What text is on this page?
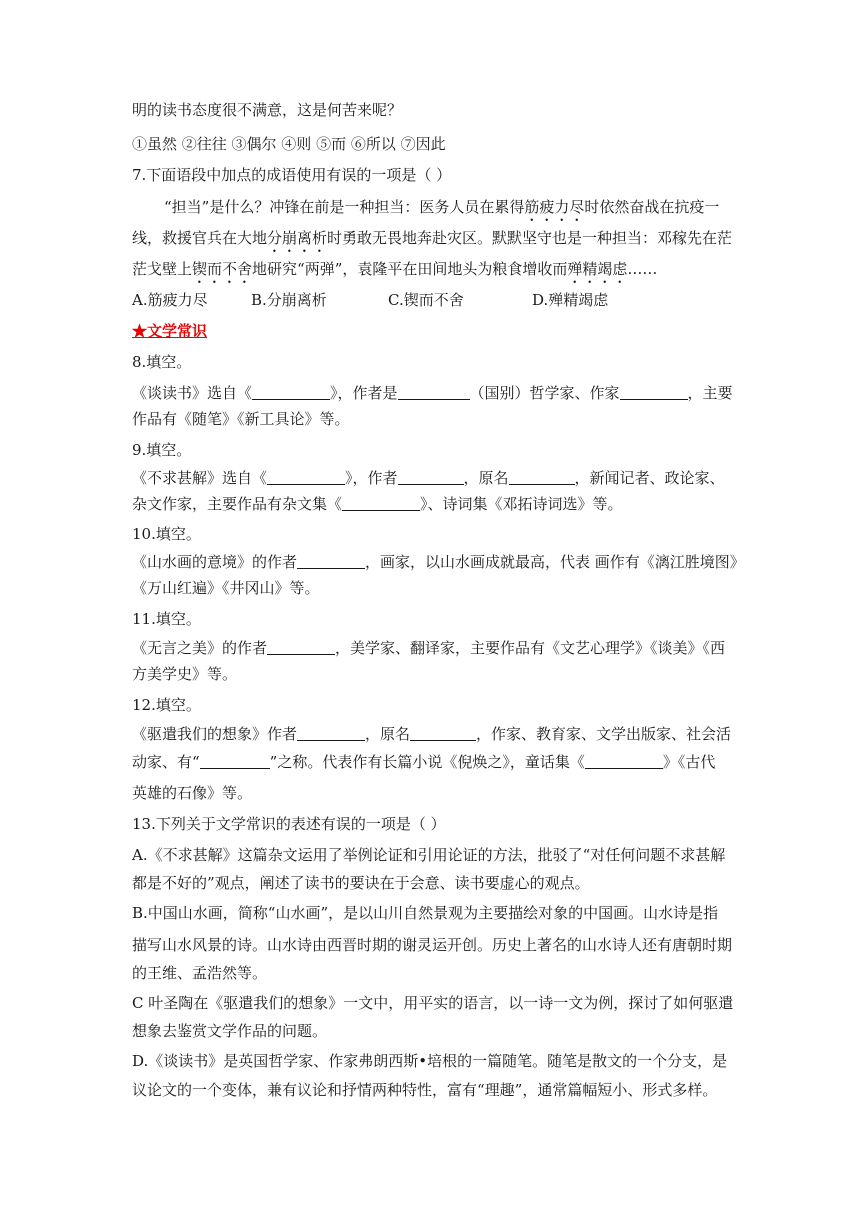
明的读书态度很不满意，这是何苦来呢？
①虽然 ②往往 ③偶尔 ④则 ⑤而 ⑥所以 ⑦因此
7.下面语段中加点的成语使用有误的一项是（ ）
“担当”是什么？冲锋在前是一种担当：医务人员在累得筋疲力尽时依然奋战在抗疫一
线，救援官兵在大地分崩离析时勇敢无畏地奔赴灾区。默默坚守也是一种担当：邓稼先在茫
茫戈壁上锲而不舍地研究“两弹”，袁隆平在田间地头为粮食增收而殚精竭虑……
A.筋疲力尽	B.分崩离析	C.锲而不舍	D.殚精竭虑
★文学常识
8.填空。
《谈读书》选自《	》，作者是	（国别）哲学家、作家	，主要
作品有《随笔》《新工具论》等。
9.填空。
《不求甚解》选自《	》，作者	，原名	，新闻记者、政论家、
杂文作家，主要作品有杂文集《	》、诗词集《邓拓诗词选》等。
10.填空。
《山水画的意境》的作者	，画家，以山水画成就最高，代表 画作有《漓江胜境图》
《万山红遍》《井冈山》等。
11.填空。
《无言之美》的作者	，美学家、翻译家，主要作品有《文艺心理学》《谈美》《西
方美学史》等。
12.填空。
《驱遣我们的想象》作者	，原名	，作家、教育家、文学出版家、社会活
动家、有“	”之称。代表作有长篇小说《倪焕之》，童话集《	》《古代
英雄的石像》等。
13.下列关于文学常识的表述有误的一项是（ ）
A.《不求甚解》这篇杂文运用了举例论证和引用论证的方法，批驳了“对任何问题不求甚解
都是不好的”观点，阐述了读书的要诀在于会意、读书要虚心的观点。
B.中国山水画，简称“山水画”，是以山川自然景观为主要描绘对象的中国画。山水诗是指
描写山水风景的诗。山水诗由西晋时期的谢灵运开创。历史上著名的山水诗人还有唐朝时期
的王维、孟浩然等。
C 叶圣陶在《驱遣我们的想象》一文中，用平实的语言，以一诗一文为例，探讨了如何驱遣
想象去鉴赏文学作品的问题。
D.《谈读书》是英国哲学家、作家弗朗西斯•培根的一篇随笔。随笔是散文的一个分支，是
议论文的一个变体，兼有议论和抒情两种特性，富有“理趣”，通常篇幅短小、形式多样。
